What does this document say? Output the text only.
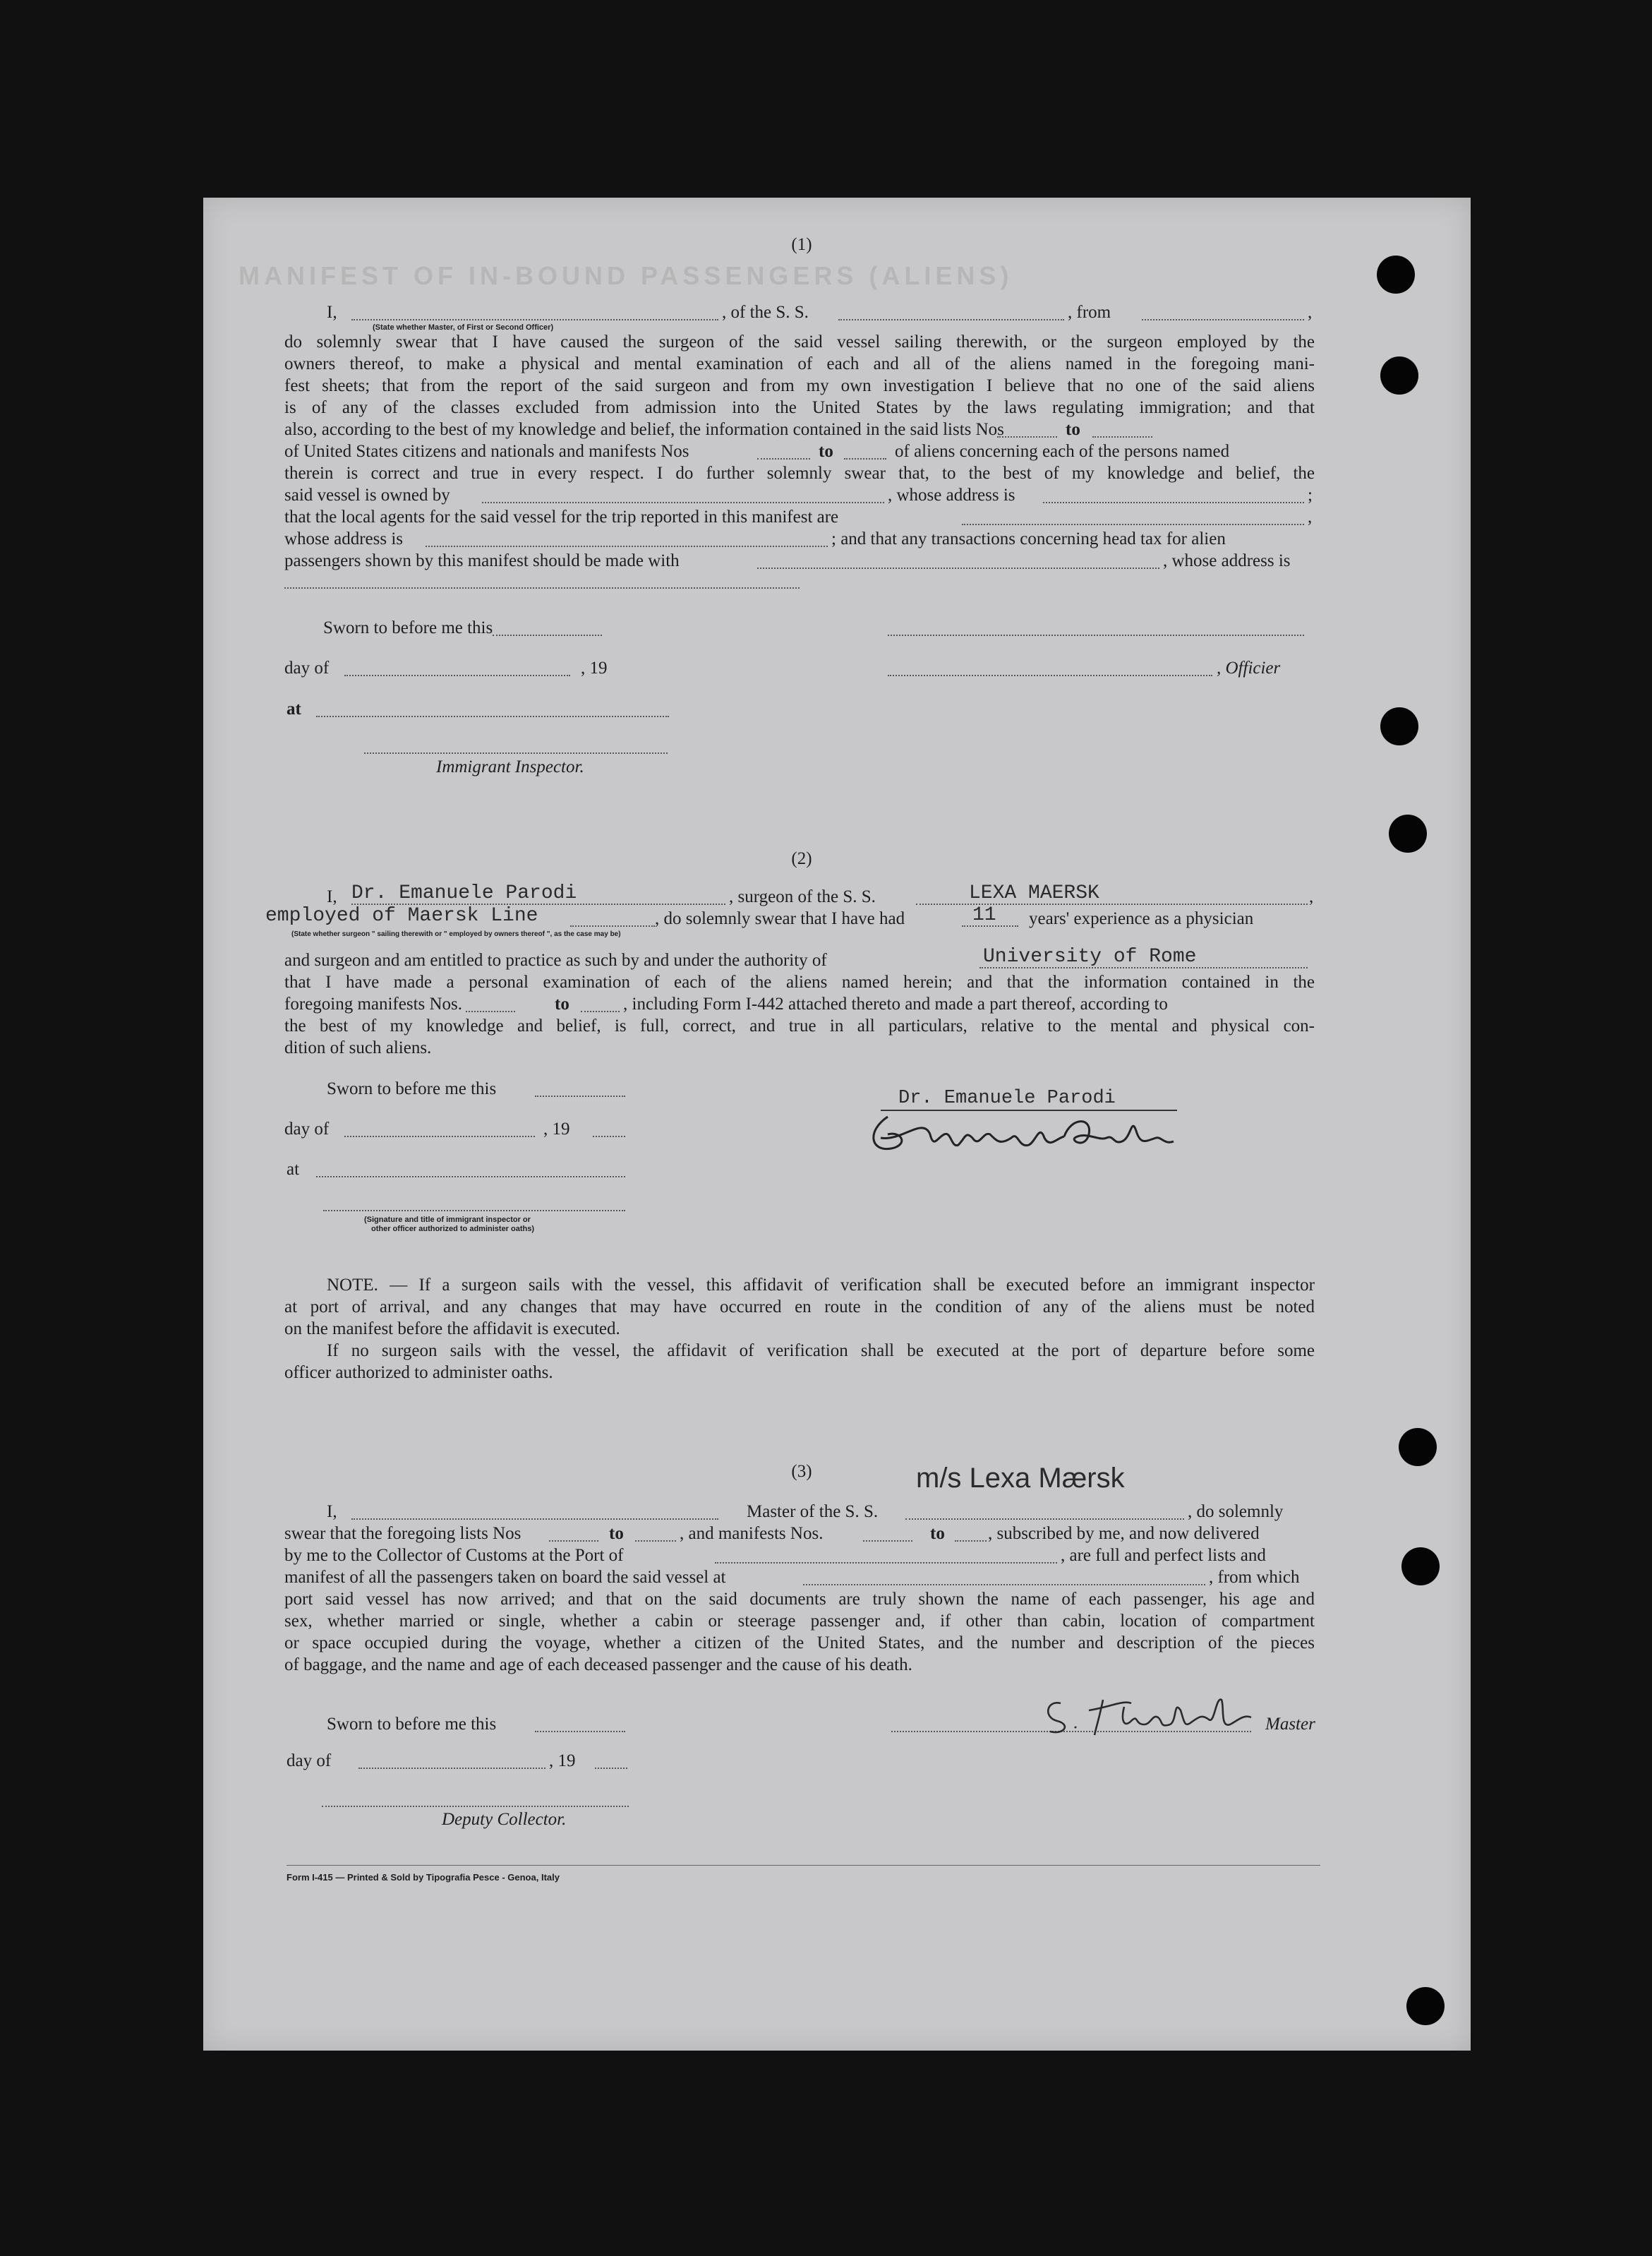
MANIFEST OF IN-BOUND PASSENGERS (ALIENS)
(1)
I,	, of the S. S.	, from	,
(State whether Master, of First or Second Officer)
do solemnly swear that I have caused the surgeon of the said vessel sailing therewith, or the surgeon employed by the
owners thereof, to make a physical and mental examination of each and all of the aliens named in the foregoing mani-
fest sheets; that from the report of the said surgeon and from my own investigation I believe that no one of the said aliens
is of any of the classes excluded from admission into the United States by the laws regulating immigration; and that
also, according to the best of my knowledge and belief, the information contained in the said lists Nos	to
of United States citizens and nationals and manifests Nos	to	of aliens concerning each of the persons named
therein is correct and true in every respect. I do further solemnly swear that, to the best of my knowledge and belief, the
said vessel is owned by	, whose address is	;
that the local agents for the said vessel for the trip reported in this manifest are	,
whose address is	; and that any transactions concerning head tax for alien
passengers shown by this manifest should be made with	, whose address is
Sworn to before me this
day of	, 19	, Officier
at
Immigrant Inspector.
(2)
I, Dr. Emanuele Parodi	, surgeon of the S. S.	LEXA MAERSK	,
employed of Maersk Line	, do solemnly swear that I have had	11 years' experience as a physician
(State whether surgeon " sailing therewith or " employed by owners thereof ", as the case may be)
and surgeon and am entitled to practice as such by and under the authority of	University of Rome
that I have made a personal examination of each of the aliens named herein; and that the information contained in the
foregoing manifests Nos.	to	, including Form I-442 attached thereto and made a part thereof, according to
the best of my knowledge and belief, is full, correct, and true in all particulars, relative to the mental and physical con-
dition of such aliens.
Sworn to before me this
day of	, 19
at
(Signature and title of immigrant inspector or
other officer authorized to administer oaths)
Dr. Emanuele Parodi
NOTE. — If a surgeon sails with the vessel, this affidavit of verification shall be executed before an immigrant inspector
at port of arrival, and any changes that may have occurred en route in the condition of any of the aliens must be noted
on the manifest before the affidavit is executed.
If no surgeon sails with the vessel, the affidavit of verification shall be executed at the port of departure before some
officer authorized to administer oaths.
(3)	m/s Lexa Mærsk
I,	Master of the S. S.	, do solemnly
swear that the foregoing lists Nos	to	, and manifests Nos.	to , subscribed by me, and now delivered
by me to the Collector of Customs at the Port of	, are full and perfect lists and
manifest of all the passengers taken on board the said vessel at	, from which
port said vessel has now arrived; and that on the said documents are truly shown the name of each passenger, his age and
sex, whether married or single, whether a cabin or steerage passenger and, if other than cabin, location of compartment
or space occupied during the voyage, whether a citizen of the United States, and the number and description of the pieces
of baggage, and the name and age of each deceased passenger and the cause of his death.
Sworn to before me this	Master
day of	, 19
Deputy Collector.
Form I-415 — Printed & Sold by Tipografia Pesce - Genoa, Italy
